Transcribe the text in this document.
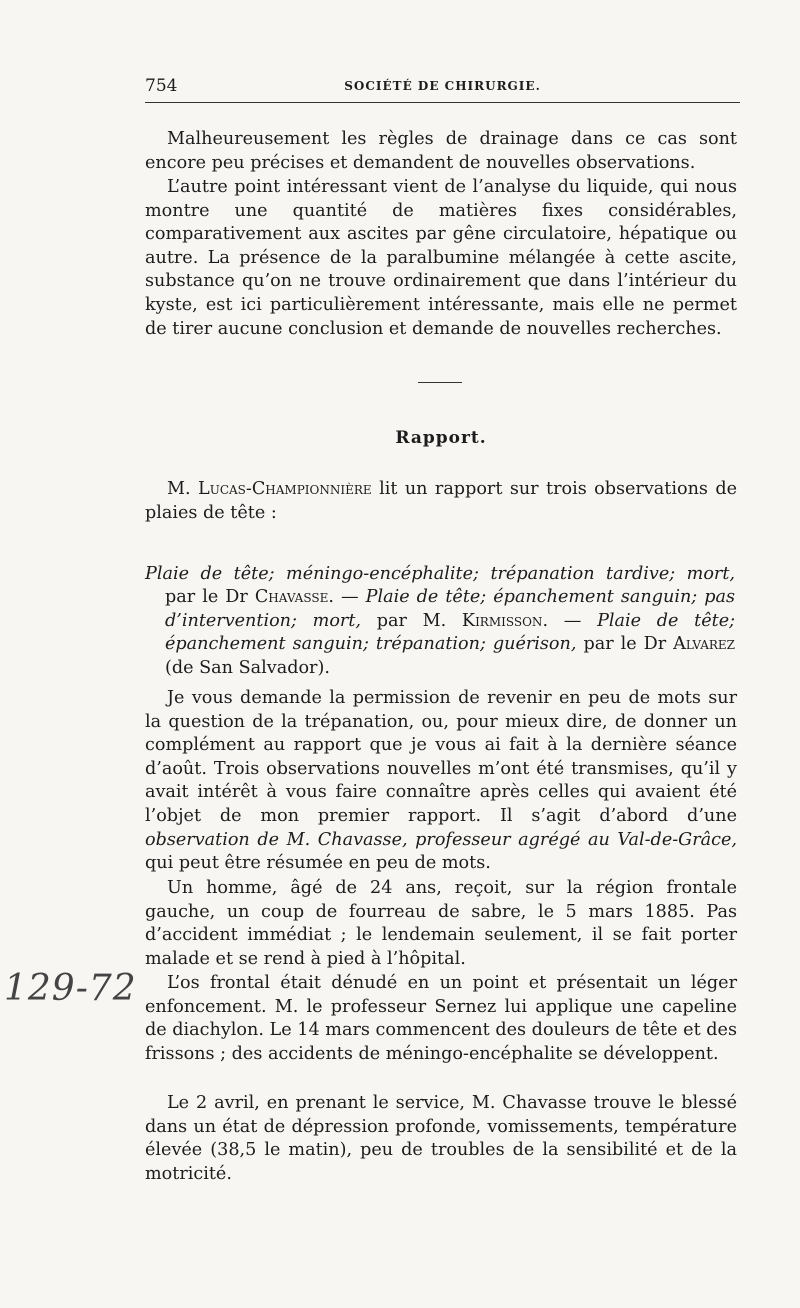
754	SOCIÉTÉ DE CHIRURGIE.

Malheureusement les règles de drainage dans ce cas sont encore peu précises et demandent de nouvelles observations.

L’autre point intéressant vient de l’analyse du liquide, qui nous montre une quantité de matières fixes considérables, comparativement aux ascites par gêne circulatoire, hépatique ou autre. La présence de la paralbumine mélangée à cette ascite, substance qu’on ne trouve ordinairement que dans l’intérieur du kyste, est ici particulièrement intéressante, mais elle ne permet de tirer aucune conclusion et demande de nouvelles recherches.

Rapport.

M. Lucas-Championnière lit un rapport sur trois observations de plaies de tête :

Plaie de tête; méningo-encéphalite; trépanation tardive; mort, par le Dr Chavasse. — Plaie de tête; épanchement sanguin; pas d’intervention; mort, par M. Kirmisson. — Plaie de tête; épanchement sanguin; trépanation; guérison, par le Dr Alvarez (de San Salvador).

Je vous demande la permission de revenir en peu de mots sur la question de la trépanation, ou, pour mieux dire, de donner un complément au rapport que je vous ai fait à la dernière séance d’août. Trois observations nouvelles m’ont été transmises, qu’il y avait intérêt à vous faire connaître après celles qui avaient été l’objet de mon premier rapport. Il s’agit d’abord d’une observation de M. Chavasse, professeur agrégé au Val-de-Grâce, qui peut être résumée en peu de mots.

Un homme, âgé de 24 ans, reçoit, sur la région frontale gauche, un coup de fourreau de sabre, le 5 mars 1885. Pas d’accident immédiat ; le lendemain seulement, il se fait porter malade et se rend à pied à l’hôpital.

L’os frontal était dénudé en un point et présentait un léger enfoncement. M. le professeur Sernez lui applique une capeline de diachylon. Le 14 mars commencent des douleurs de tête et des frissons ; des accidents de méningo-encéphalite se développent.

Le 2 avril, en prenant le service, M. Chavasse trouve le blessé dans un état de dépression profonde, vomissements, température élevée (38,5 le matin), peu de troubles de la sensibilité et de la motricité.

129-72
